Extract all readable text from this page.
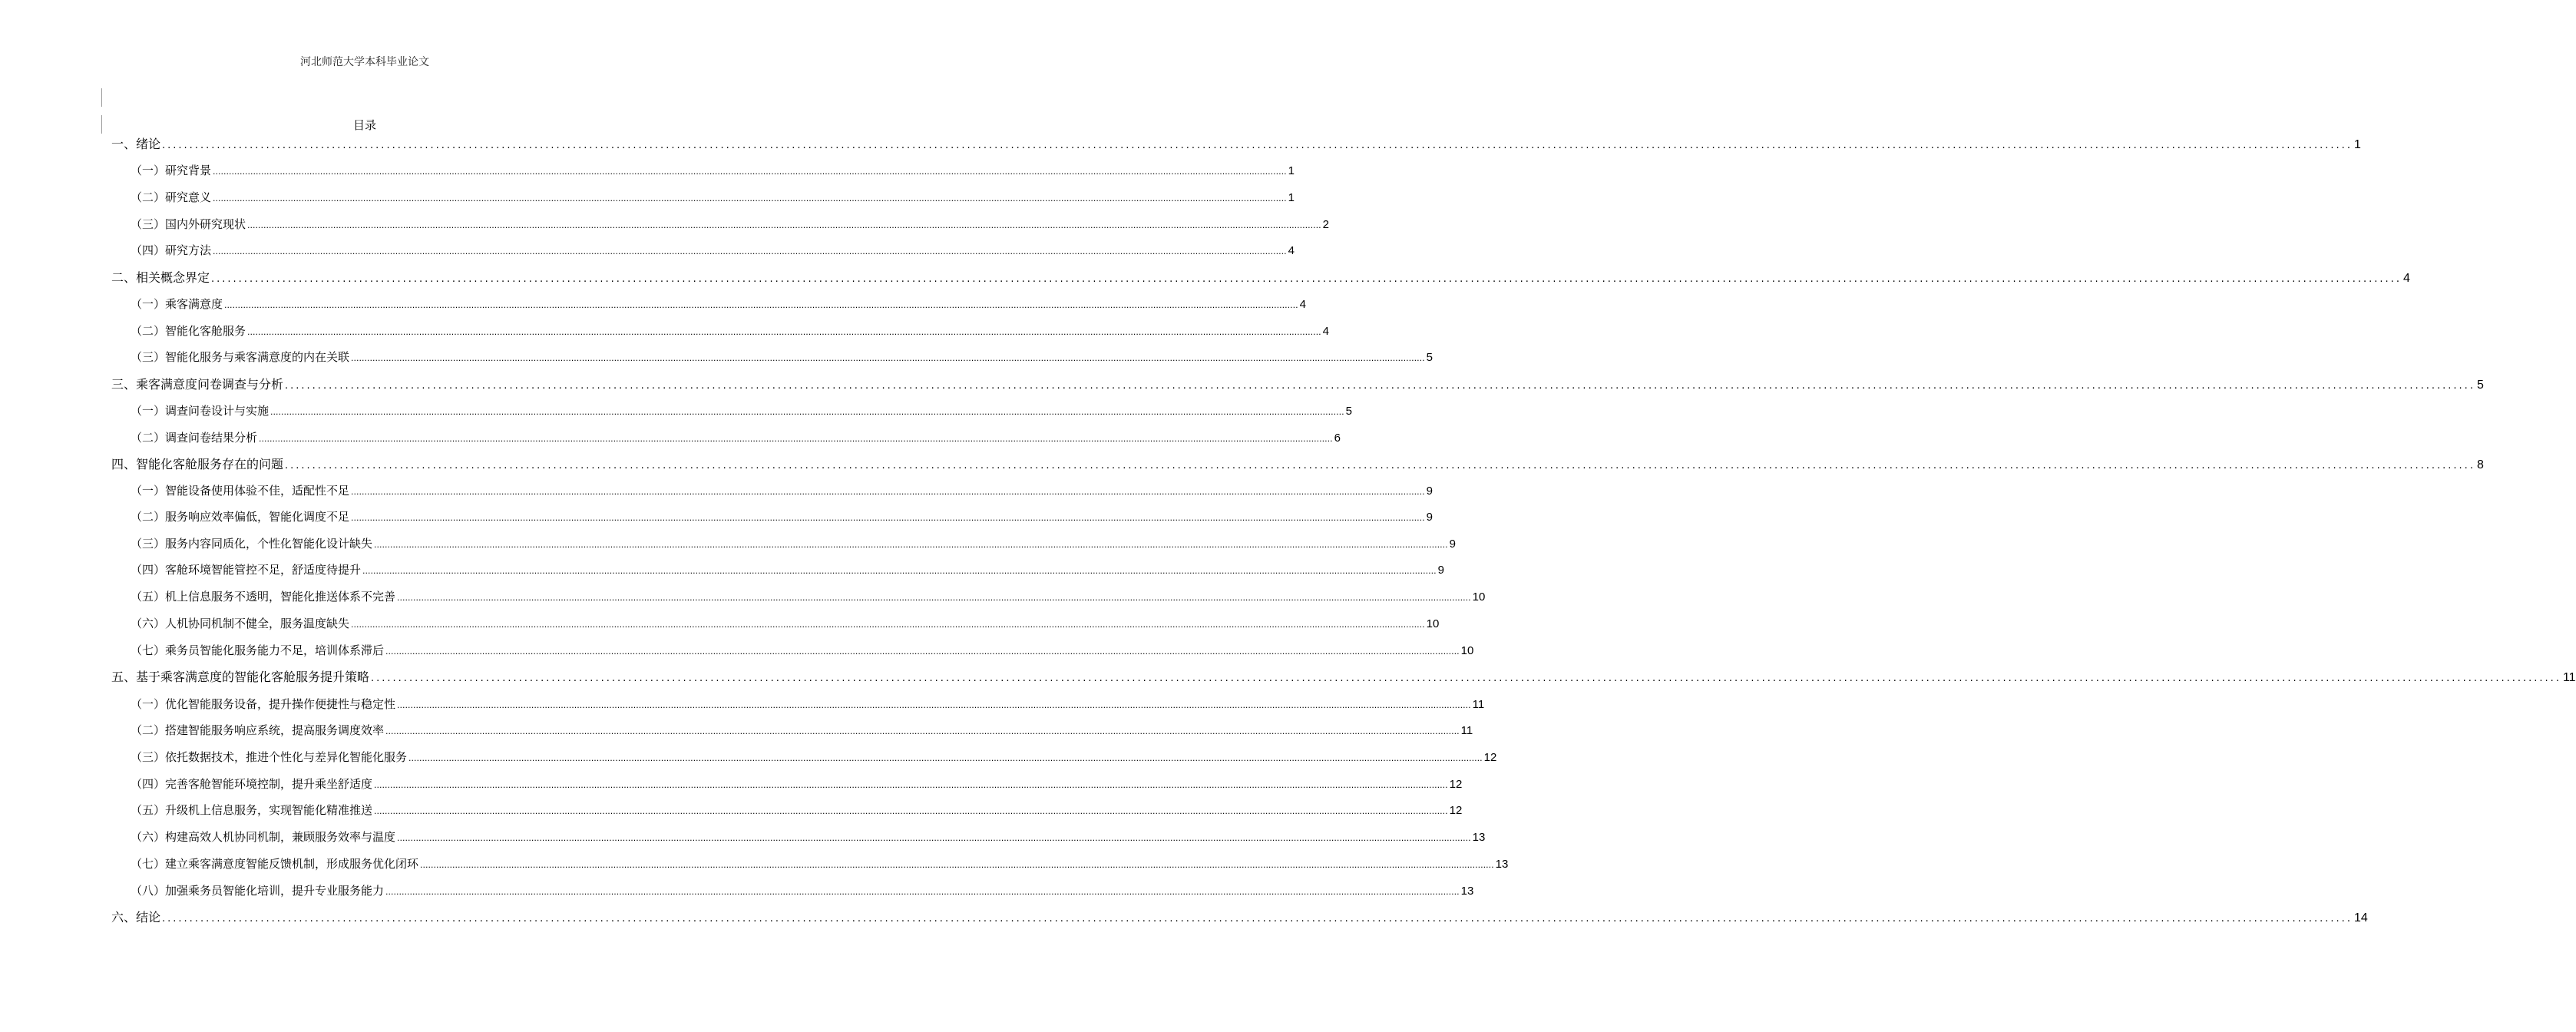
河北师范大学本科毕业论文
目录
一、绪论 ................................................................................................................................................................................................................................................................................................................................................................................................................ 1
（一）研究背景 ................................................................................................................................................................................................................................................................................................................................................................................................................ 1
（二）研究意义 ................................................................................................................................................................................................................................................................................................................................................................................................................ 1
（三）国内外研究现状 ................................................................................................................................................................................................................................................................................................................................................................................................................ 2
（四）研究方法 ................................................................................................................................................................................................................................................................................................................................................................................................................ 4
二、相关概念界定 ................................................................................................................................................................................................................................................................................................................................................................................................................ 4
（一）乘客满意度 ................................................................................................................................................................................................................................................................................................................................................................................................................ 4
（二）智能化客舱服务 ................................................................................................................................................................................................................................................................................................................................................................................................................ 4
（三）智能化服务与乘客满意度的内在关联 ................................................................................................................................................................................................................................................................................................................................................................................................................ 5
三、乘客满意度问卷调查与分析 ................................................................................................................................................................................................................................................................................................................................................................................................................ 5
（一）调查问卷设计与实施 ................................................................................................................................................................................................................................................................................................................................................................................................................ 5
（二）调查问卷结果分析 ................................................................................................................................................................................................................................................................................................................................................................................................................ 6
四、智能化客舱服务存在的问题 ................................................................................................................................................................................................................................................................................................................................................................................................................ 8
（一）智能设备使用体验不佳，适配性不足 ................................................................................................................................................................................................................................................................................................................................................................................................................ 9
（二）服务响应效率偏低，智能化调度不足 ................................................................................................................................................................................................................................................................................................................................................................................................................ 9
（三）服务内容同质化，个性化智能化设计缺失 ................................................................................................................................................................................................................................................................................................................................................................................................................ 9
（四）客舱环境智能管控不足，舒适度待提升 ................................................................................................................................................................................................................................................................................................................................................................................................................ 9
（五）机上信息服务不透明，智能化推送体系不完善 ................................................................................................................................................................................................................................................................................................................................................................................................................ 10
（六）人机协同机制不健全，服务温度缺失 ................................................................................................................................................................................................................................................................................................................................................................................................................ 10
（七）乘务员智能化服务能力不足，培训体系滞后 ................................................................................................................................................................................................................................................................................................................................................................................................................ 10
五、基于乘客满意度的智能化客舱服务提升策略 ................................................................................................................................................................................................................................................................................................................................................................................................................ 11
（一）优化智能服务设备，提升操作便捷性与稳定性 ................................................................................................................................................................................................................................................................................................................................................................................................................ 11
（二）搭建智能服务响应系统，提高服务调度效率 ................................................................................................................................................................................................................................................................................................................................................................................................................ 11
（三）依托数据技术，推进个性化与差异化智能化服务 ................................................................................................................................................................................................................................................................................................................................................................................................................ 12
（四）完善客舱智能环境控制，提升乘坐舒适度 ................................................................................................................................................................................................................................................................................................................................................................................................................ 12
（五）升级机上信息服务，实现智能化精准推送 ................................................................................................................................................................................................................................................................................................................................................................................................................ 12
（六）构建高效人机协同机制，兼顾服务效率与温度 ................................................................................................................................................................................................................................................................................................................................................................................................................ 13
（七）建立乘客满意度智能反馈机制，形成服务优化闭环 ................................................................................................................................................................................................................................................................................................................................................................................................................ 13
（八）加强乘务员智能化培训，提升专业服务能力 ................................................................................................................................................................................................................................................................................................................................................................................................................ 13
六、结论 ................................................................................................................................................................................................................................................................................................................................................................................................................ 14
